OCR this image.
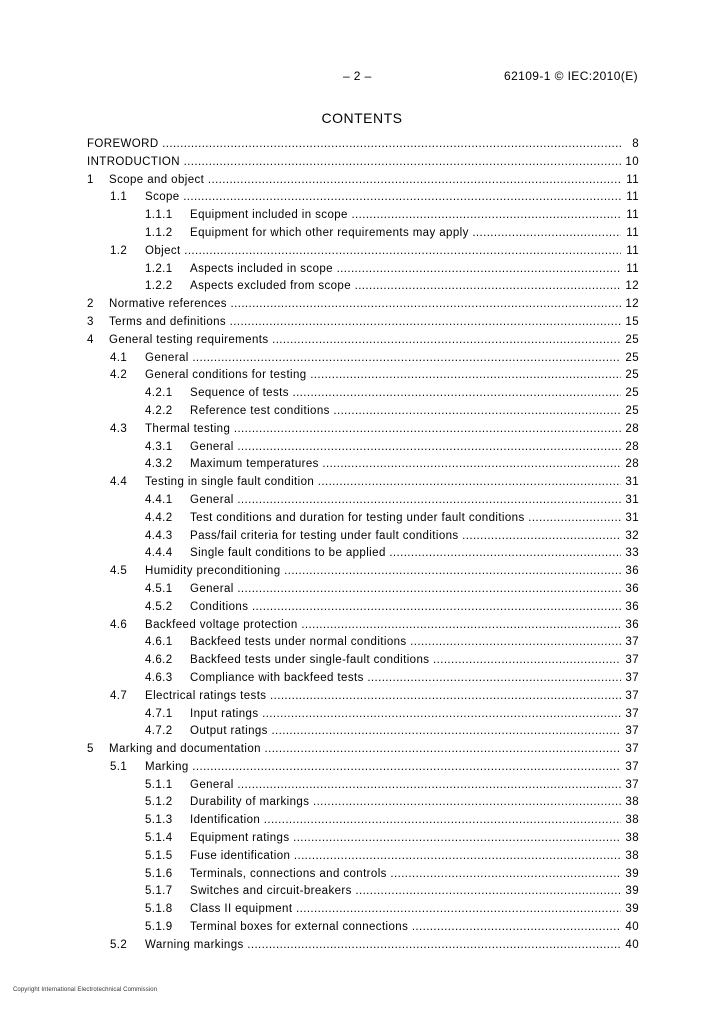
– 2 –	62109-1 © IEC:2010(E)
CONTENTS
FOREWORD .....	8
INTRODUCTION .....	10
1 Scope and object .....	11
1.1 Scope .....	11
1.1.1 Equipment included in scope .....	11
1.1.2 Equipment for which other requirements may apply .....	11
1.2 Object .....	11
1.2.1 Aspects included in scope .....	11
1.2.2 Aspects excluded from scope .....	12
2 Normative references .....	12
3 Terms and definitions .....	15
4 General testing requirements .....	25
4.1 General .....	25
4.2 General conditions for testing .....	25
4.2.1 Sequence of tests .....	25
4.2.2 Reference test conditions .....	25
4.3 Thermal testing .....	28
4.3.1 General .....	28
4.3.2 Maximum temperatures .....	28
4.4 Testing in single fault condition .....	31
4.4.1 General .....	31
4.4.2 Test conditions and duration for testing under fault conditions .....	31
4.4.3 Pass/fail criteria for testing under fault conditions .....	32
4.4.4 Single fault conditions to be applied .....	33
4.5 Humidity preconditioning .....	36
4.5.1 General .....	36
4.5.2 Conditions .....	36
4.6 Backfeed voltage protection .....	36
4.6.1 Backfeed tests under normal conditions .....	37
4.6.2 Backfeed tests under single-fault conditions .....	37
4.6.3 Compliance with backfeed tests .....	37
4.7 Electrical ratings tests .....	37
4.7.1 Input ratings .....	37
4.7.2 Output ratings .....	37
5 Marking and documentation .....	37
5.1 Marking .....	37
5.1.1 General .....	37
5.1.2 Durability of markings .....	38
5.1.3 Identification .....	38
5.1.4 Equipment ratings .....	38
5.1.5 Fuse identification .....	38
5.1.6 Terminals, connections and controls .....	39
5.1.7 Switches and circuit-breakers .....	39
5.1.8 Class II equipment .....	39
5.1.9 Terminal boxes for external connections .....	40
5.2 Warning markings .....	40
Copyright International Electrotechnical Commission
